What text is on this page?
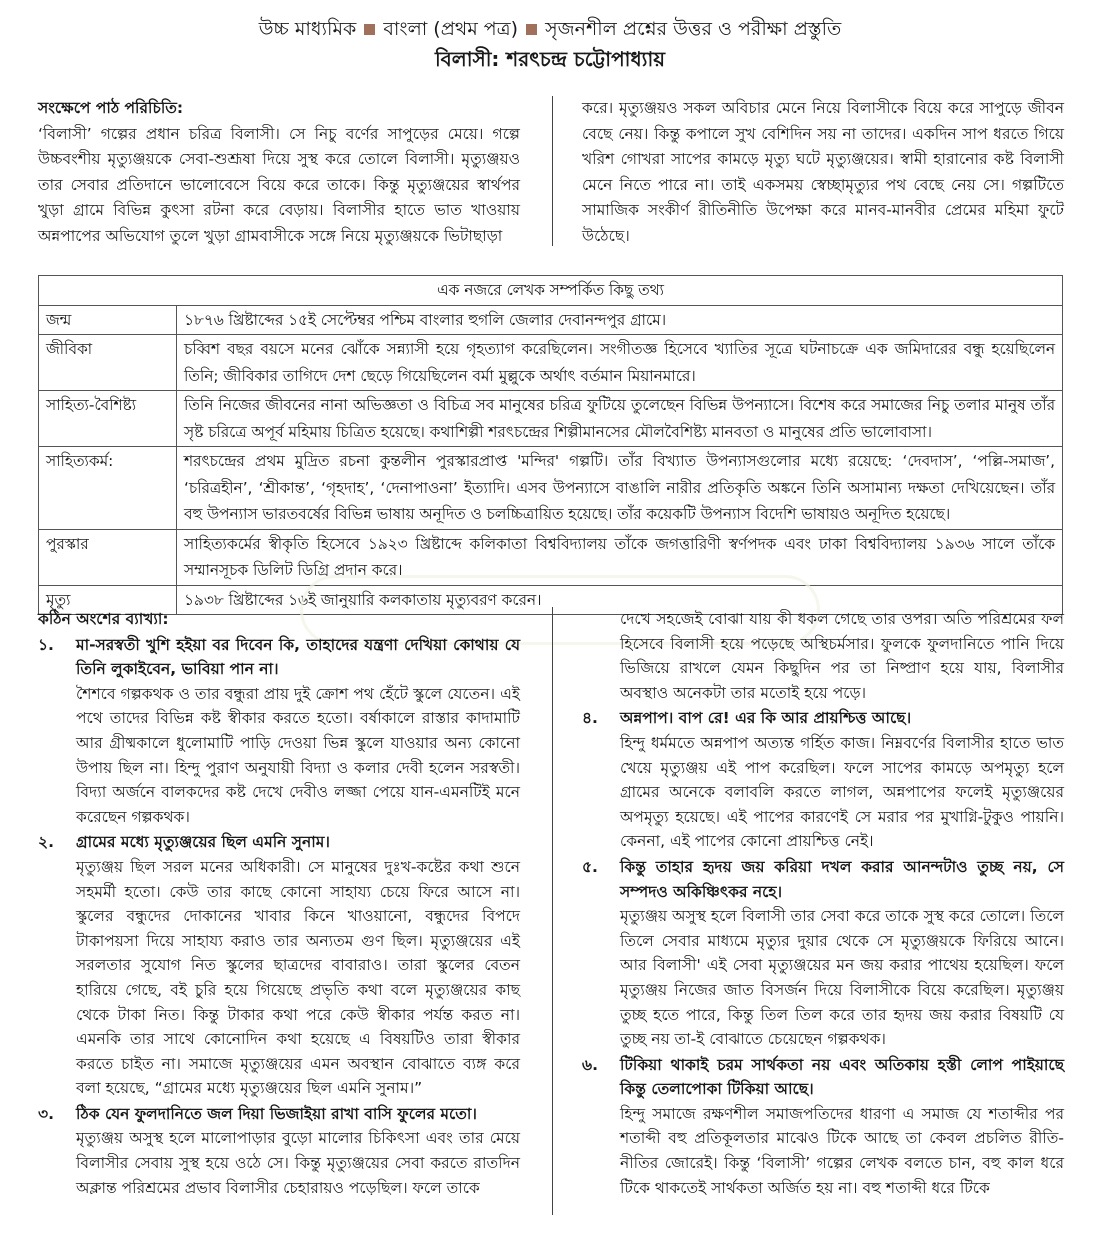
উচ্চ মাধ্যমিক বাংলা (প্রথম পত্র) সৃজনশীল প্রশ্নের উত্তর ও পরীক্ষা প্রস্তুতি
বিলাসী: শরৎচন্দ্র চট্টোপাধ্যায়
সংক্ষেপে পাঠ পরিচিতি:
‘বিলাসী’ গল্পের প্রধান চরিত্র বিলাসী। সে নিচু বর্ণের সাপুড়ের মেয়ে। গল্পে উচ্চবংশীয় মৃত্যুঞ্জয়কে সেবা-শুশ্রূষা দিয়ে সুস্থ করে তোলে বিলাসী। মৃত্যুঞ্জয়ও তার সেবার প্রতিদানে ভালোবেসে বিয়ে করে তাকে। কিন্তু মৃত্যুঞ্জয়ের স্বার্থপর খুড়া গ্রামে বিভিন্ন কুৎসা রটনা করে বেড়ায়। বিলাসীর হাতে ভাত খাওয়ায় অন্নপাপের অভিযোগ তুলে খুড়া গ্রামবাসীকে সঙ্গে নিয়ে মৃত্যুঞ্জয়কে ভিটাছাড়া
করে। মৃত্যুঞ্জয়ও সকল অবিচার মেনে নিয়ে বিলাসীকে বিয়ে করে সাপুড়ে জীবন বেছে নেয়। কিন্তু কপালে সুখ বেশিদিন সয় না তাদের। একদিন সাপ ধরতে গিয়ে খরিশ গোখরা সাপের কামড়ে মৃত্যু ঘটে মৃত্যুঞ্জয়ের। স্বামী হারানোর কষ্ট বিলাসী মেনে নিতে পারে না। তাই একসময় স্বেচ্ছামৃত্যুর পথ বেছে নেয় সে। গল্পটিতে সামাজিক সংকীর্ণ রীতিনীতি উপেক্ষা করে মানব-মানবীর প্রেমের মহিমা ফুটে উঠেছে।
এক নজরে লেখক সম্পর্কিত কিছু তথ্য	
জন্ম	১৮৭৬ খ্রিষ্টাব্দের ১৫ই সেপ্টেম্বর পশ্চিম বাংলার হুগলি জেলার দেবানন্দপুর গ্রামে।
জীবিকা	চব্বিশ বছর বয়সে মনের ঝোঁকে সন্ন্যাসী হয়ে গৃহত্যাগ করেছিলেন। সংগীতজ্ঞ হিসেবে খ্যাতির সূত্রে ঘটনাচক্রে এক জমিদারের বন্ধু হয়েছিলেন তিনি; জীবিকার তাগিদে দেশ ছেড়ে গিয়েছিলেন বর্মা মুল্লুকে অর্থাৎ বর্তমান মিয়ানমারে।
সাহিত্য-বৈশিষ্ট্য	তিনি নিজের জীবনের নানা অভিজ্ঞতা ও বিচিত্র সব মানুষের চরিত্র ফুটিয়ে তুলেছেন বিভিন্ন উপন্যাসে। বিশেষ করে সমাজের নিচু তলার মানুষ তাঁর সৃষ্ট চরিত্রে অপূর্ব মহিমায় চিত্রিত হয়েছে। কথাশিল্পী শরৎচন্দ্রের শিল্পীমানসের মৌলবৈশিষ্ট্য মানবতা ও মানুষের প্রতি ভালোবাসা।
সাহিত্যকর্ম:	শরৎচন্দ্রের প্রথম মুদ্রিত রচনা কুন্তলীন পুরস্কারপ্রাপ্ত 'মন্দির' গল্পটি। তাঁর বিখ্যাত উপন্যাসগুলোর মধ্যে রয়েছে: ‘দেবদাস’, ‘পল্লি-সমাজ’, ‘চরিত্রহীন’, ‘শ্রীকান্ত’, ‘গৃহদাহ’, ‘দেনাপাওনা’ ইত্যাদি। এসব উপন্যাসে বাঙালি নারীর প্রতিকৃতি অঙ্কনে তিনি অসামান্য দক্ষতা দেখিয়েছেন। তাঁর বহু উপন্যাস ভারতবর্ষের বিভিন্ন ভাষায় অনূদিত ও চলচ্চিত্রায়িত হয়েছে। তাঁর কয়েকটি উপন্যাস বিদেশি ভাষায়ও অনূদিত হয়েছে।
পুরস্কার	সাহিত্যকর্মের স্বীকৃতি হিসেবে ১৯২৩ খ্রিষ্টাব্দে কলিকাতা বিশ্ববিদ্যালয় তাঁকে জগত্তারিণী স্বর্ণপদক এবং ঢাকা বিশ্ববিদ্যালয় ১৯৩৬ সালে তাঁকে সম্মানসূচক ডিলিট ডিগ্রি প্রদান করে।
মৃত্যু	১৯৩৮ খ্রিষ্টাব্দের ১৬ই জানুয়ারি কলকাতায় মৃত্যুবরণ করেন।
কঠিন অংশের ব্যাখ্যা:
১.	মা-সরস্বতী খুশি হইয়া বর দিবেন কি, তাহাদের যন্ত্রণা দেখিয়া কোথায় যে তিনি লুকাইবেন, ভাবিয়া পান না।
শৈশবে গল্পকথক ও তার বন্ধুরা প্রায় দুই ক্রোশ পথ হেঁটে স্কুলে যেতেন। এই পথে তাদের বিভিন্ন কষ্ট স্বীকার করতে হতো। বর্ষাকালে রাস্তার কাদামাটি আর গ্রীষ্মকালে ধুলোমাটি পাড়ি দেওয়া ভিন্ন স্কুলে যাওয়ার অন্য কোনো উপায় ছিল না। হিন্দু পুরাণ অনুযায়ী বিদ্যা ও কলার দেবী হলেন সরস্বতী। বিদ্যা অর্জনে বালকদের কষ্ট দেখে দেবীও লজ্জা পেয়ে যান-এমনটিই মনে করেছেন গল্পকথক।
২.	গ্রামের মধ্যে মৃত্যুঞ্জয়ের ছিল এমনি সুনাম।
মৃত্যুঞ্জয় ছিল সরল মনের অধিকারী। সে মানুষের দুঃখ-কষ্টের কথা শুনে সহমর্মী হতো। কেউ তার কাছে কোনো সাহায্য চেয়ে ফিরে আসে না। স্কুলের বন্ধুদের দোকানের খাবার কিনে খাওয়ানো, বন্ধুদের বিপদে টাকাপয়সা দিয়ে সাহায্য করাও তার অন্যতম গুণ ছিল। মৃত্যুঞ্জয়ের এই সরলতার সুযোগ নিত স্কুলের ছাত্রদের বাবারাও। তারা স্কুলের বেতন হারিয়ে গেছে, বই চুরি হয়ে গিয়েছে প্রভৃতি কথা বলে মৃত্যুঞ্জয়ের কাছ থেকে টাকা নিত। কিন্তু টাকার কথা পরে কেউ স্বীকার পর্যন্ত করত না। এমনকি তার সাথে কোনোদিন কথা হয়েছে এ বিষয়টিও তারা স্বীকার করতে চাইত না। সমাজে মৃত্যুঞ্জয়ের এমন অবস্থান বোঝাতে ব্যঙ্গ করে বলা হয়েছে, “গ্রামের মধ্যে মৃত্যুঞ্জয়ের ছিল এমনি সুনাম।”
৩.	ঠিক যেন ফুলদানিতে জল দিয়া ভিজাইয়া রাখা বাসি ফুলের মতো।
মৃত্যুঞ্জয় অসুস্থ হলে মালোপাড়ার বুড়ো মালোর চিকিৎসা এবং তার মেয়ে বিলাসীর সেবায় সুস্থ হয়ে ওঠে সে। কিন্তু মৃত্যুঞ্জয়ের সেবা করতে রাতদিন অক্লান্ত পরিশ্রমের প্রভাব বিলাসীর চেহারায়ও পড়েছিল। ফলে তাকে
দেখে সহজেই বোঝা যায় কী ধকল গেছে তার ওপর। অতি পরিশ্রমের ফল হিসেবে বিলাসী হয়ে পড়েছে অস্থিচর্মসার। ফুলকে ফুলদানিতে পানি দিয়ে ভিজিয়ে রাখলে যেমন কিছুদিন পর তা নিষ্প্রাণ হয়ে যায়, বিলাসীর অবস্থাও অনেকটা তার মতোই হয়ে পড়ে।
৪.	অন্নপাপ। বাপ রে! এর কি আর প্রায়শ্চিত্ত আছে।
হিন্দু ধর্মমতে অন্নপাপ অত্যন্ত গর্হিত কাজ। নিম্নবর্ণের বিলাসীর হাতে ভাত খেয়ে মৃত্যুঞ্জয় এই পাপ করেছিল। ফলে সাপের কামড়ে অপমৃত্যু হলে গ্রামের অনেকে বলাবলি করতে লাগল, অন্নপাপের ফলেই মৃত্যুঞ্জয়ের অপমৃত্যু হয়েছে। এই পাপের কারণেই সে মরার পর মুখাগ্নি-টুকুও পায়নি। কেননা, এই পাপের কোনো প্রায়শ্চিত্ত নেই।
৫.	কিন্তু তাহার হৃদয় জয় করিয়া দখল করার আনন্দটাও তুচ্ছ নয়, সে সম্পদও অকিঞ্চিৎকর নহে।
মৃত্যুঞ্জয় অসুস্থ হলে বিলাসী তার সেবা করে তাকে সুস্থ করে তোলে। তিলে তিলে সেবার মাধ্যমে মৃত্যুর দুয়ার থেকে সে মৃত্যুঞ্জয়কে ফিরিয়ে আনে। আর বিলাসী' এই সেবা মৃত্যুঞ্জয়ের মন জয় করার পাথেয় হয়েছিল। ফলে মৃত্যুঞ্জয় নিজের জাত বিসর্জন দিয়ে বিলাসীকে বিয়ে করেছিল। মৃত্যুঞ্জয় তুচ্ছ হতে পারে, কিন্তু তিল তিল করে তার হৃদয় জয় করার বিষয়টি যে তুচ্ছ নয় তা-ই বোঝাতে চেয়েছেন গল্পকথক।
৬.	টিকিয়া থাকাই চরম সার্থকতা নয় এবং অতিকায় হস্তী লোপ পাইয়াছে কিন্তু তেলাপোকা টিকিয়া আছে।
হিন্দু সমাজে রক্ষণশীল সমাজপতিদের ধারণা এ সমাজ যে শতাব্দীর পর শতাব্দী বহু প্রতিকূলতার মাঝেও টিকে আছে তা কেবল প্রচলিত রীতি-নীতির জোরেই। কিন্তু ‘বিলাসী’ গল্পের লেখক বলতে চান, বহু কাল ধরে টিকে থাকতেই সার্থকতা অর্জিত হয় না। বহু শতাব্দী ধরে টিকে
